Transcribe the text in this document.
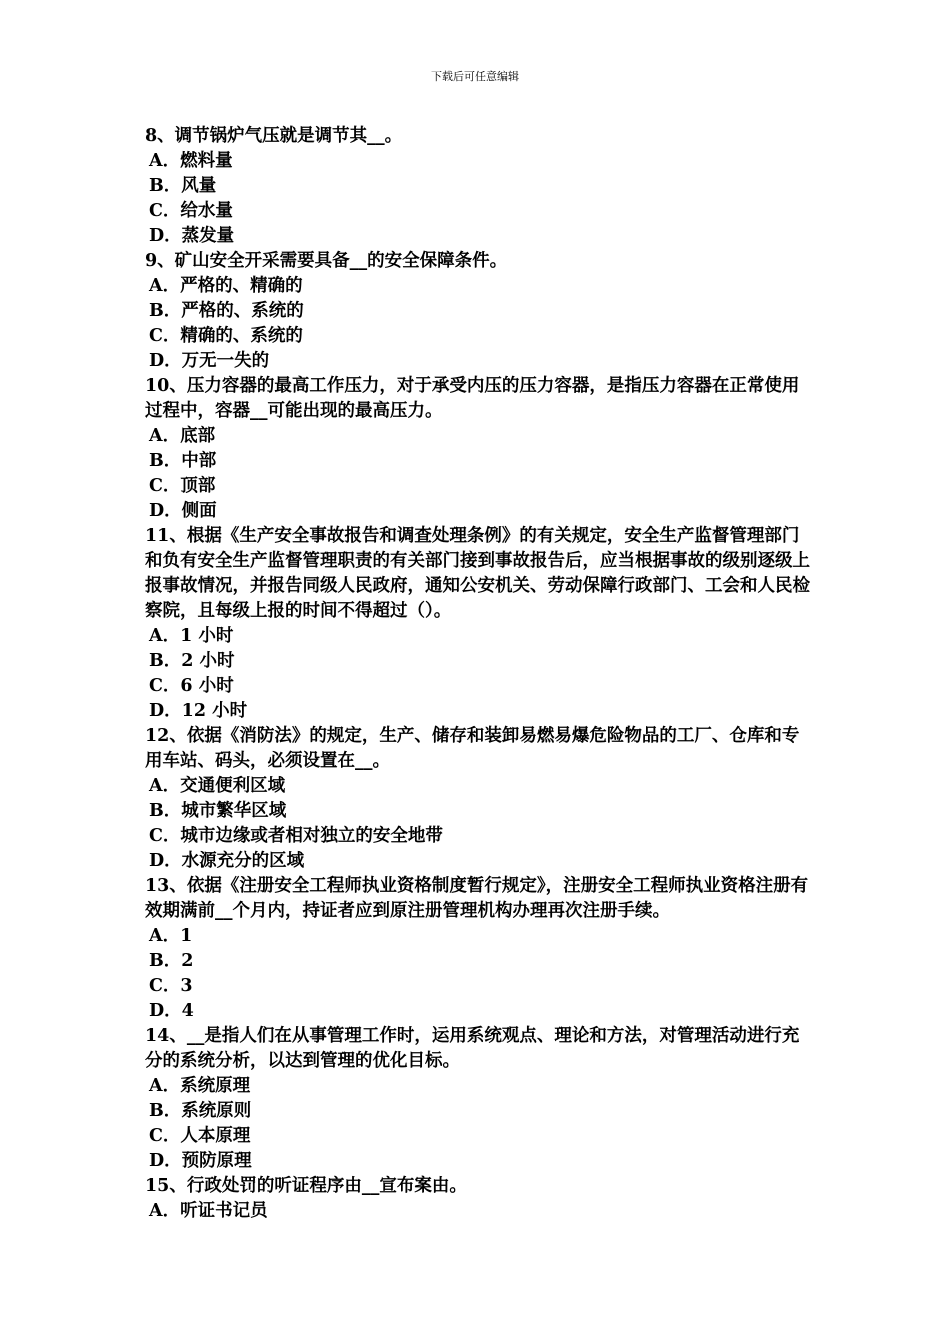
下载后可任意编辑

8、调节锅炉气压就是调节其__。

A．燃料量

B．风量

C．给水量

D．蒸发量

9、矿山安全开采需要具备__的安全保障条件。

A．严格的、精确的

B．严格的、系统的

C．精确的、系统的

D．万无一失的

10、压力容器的最高工作压力，对于承受内压的压力容器，是指压力容器在正常使用过程中，容器__可能出现的最高压力。

A．底部

B．中部

C．顶部

D．侧面

11、根据《生产安全事故报告和调查处理条例》的有关规定，安全生产监督管理部门和负有安全生产监督管理职责的有关部门接到事故报告后，应当根据事故的级别逐级上报事故情况，并报告同级人民政府，通知公安机关、劳动保障行政部门、工会和人民检察院，且每级上报的时间不得超过（）。

A．1 小时

B．2 小时

C．6 小时

D．12 小时

12、依据《消防法》的规定，生产、储存和装卸易燃易爆危险物品的工厂、仓库和专用车站、码头，必须设置在__。

A．交通便利区域

B．城市繁华区域

C．城市边缘或者相对独立的安全地带

D．水源充分的区域

13、依据《注册安全工程师执业资格制度暂行规定》，注册安全工程师执业资格注册有效期满前__个月内，持证者应到原注册管理机构办理再次注册手续。

A．1

B．2

C．3

D．4

14、__是指人们在从事管理工作时，运用系统观点、理论和方法，对管理活动进行充分的系统分析，以达到管理的优化目标。

A．系统原理

B．系统原则

C．人本原理

D．预防原理

15、行政处罚的听证程序由__宣布案由。

A．听证书记员
